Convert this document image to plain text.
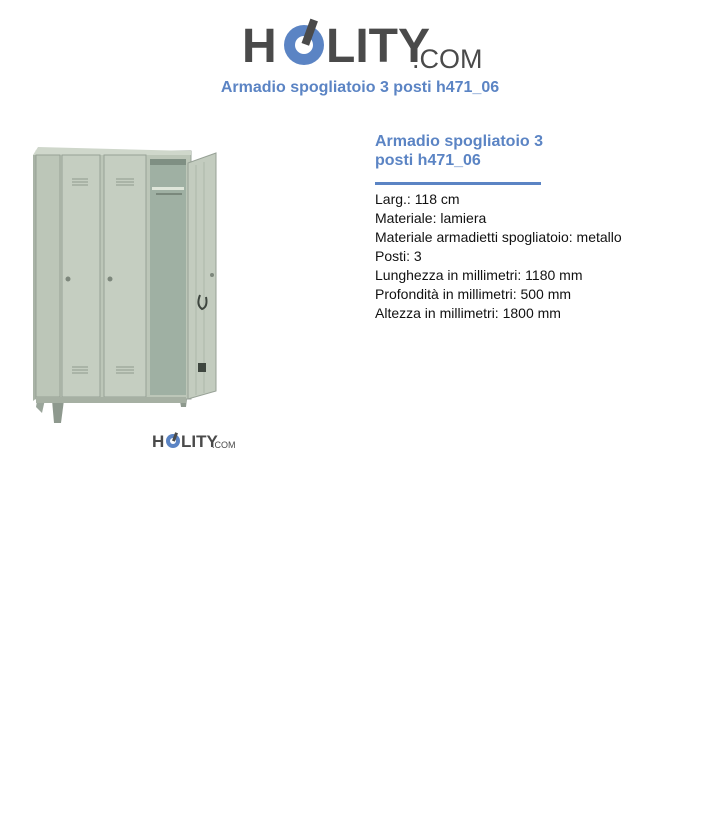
H LITY
.COM
Armadio spogliatoio 3 posti h471_06
H LITY
.COM
Armadio spogliatoio 3
posti h471_06
Larg.: 118 cm
Materiale: lamiera
Materiale armadietti spogliatoio: metallo
Posti: 3
Lunghezza in millimetri: 1180 mm
Profondità in millimetri: 500 mm
Altezza in millimetri: 1800 mm
